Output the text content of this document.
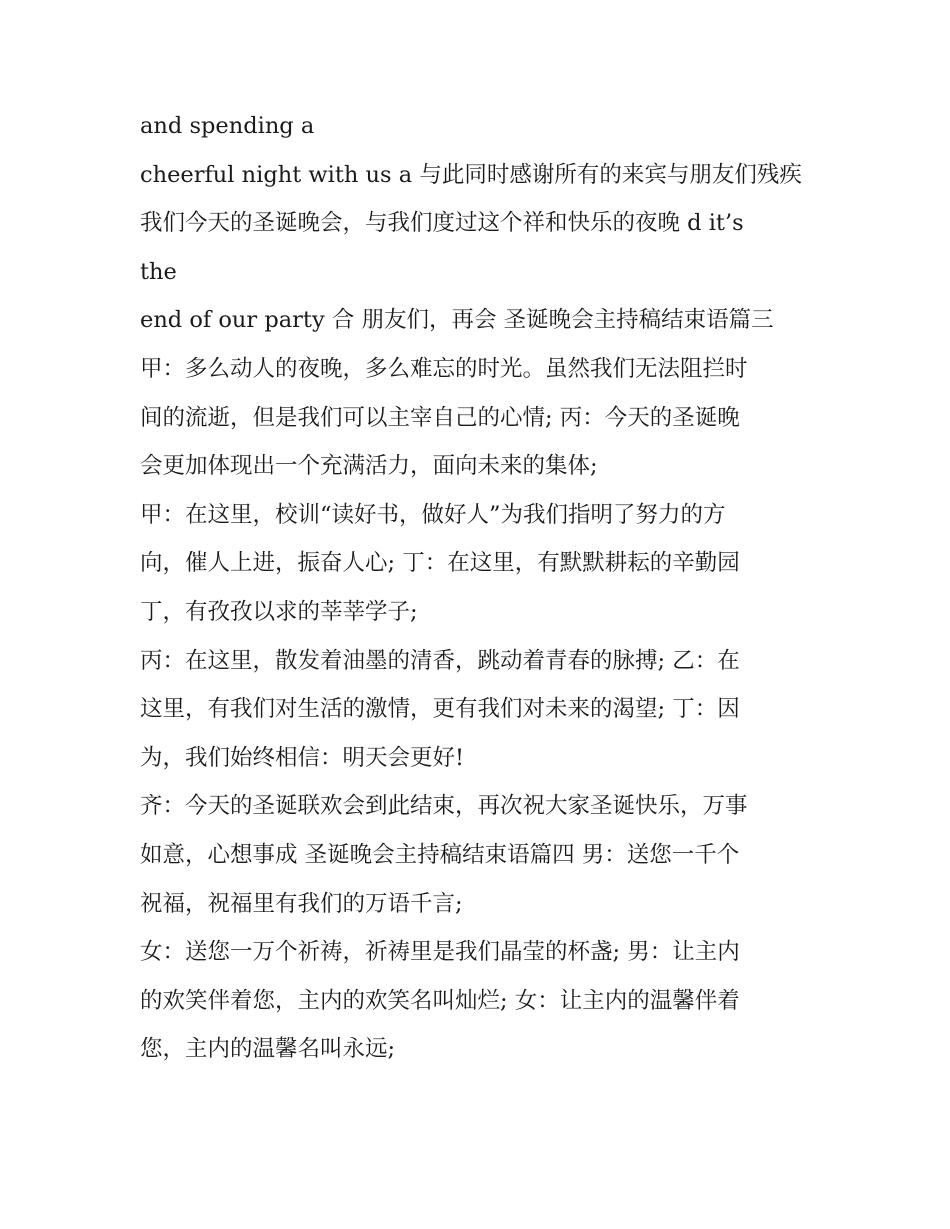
and spending a
cheerful night with us a 与此同时感谢所有的来宾与朋友们残疾
我们今天的圣诞晚会，与我们度过这个祥和快乐的夜晚 d it’s
the
end of our party 合 朋友们，再会 圣诞晚会主持稿结束语篇三
甲：多么动人的夜晚，多么难忘的时光。虽然我们无法阻拦时
间的流逝，但是我们可以主宰自己的心情; 丙：今天的圣诞晚
会更加体现出一个充满活力，面向未来的集体;
甲：在这里，校训“读好书，做好人”为我们指明了努力的方
向，催人上进，振奋人心; 丁：在这里，有默默耕耘的辛勤园
丁，有孜孜以求的莘莘学子;
丙：在这里，散发着油墨的清香，跳动着青春的脉搏; 乙：在
这里，有我们对生活的激情，更有我们对未来的渴望; 丁：因
为，我们始终相信：明天会更好!
齐：今天的圣诞联欢会到此结束，再次祝大家圣诞快乐，万事
如意，心想事成 圣诞晚会主持稿结束语篇四 男：送您一千个
祝福，祝福里有我们的万语千言;
女：送您一万个祈祷，祈祷里是我们晶莹的杯盏; 男：让主内
的欢笑伴着您，主内的欢笑名叫灿烂; 女：让主内的温馨伴着
您，主内的温馨名叫永远;
